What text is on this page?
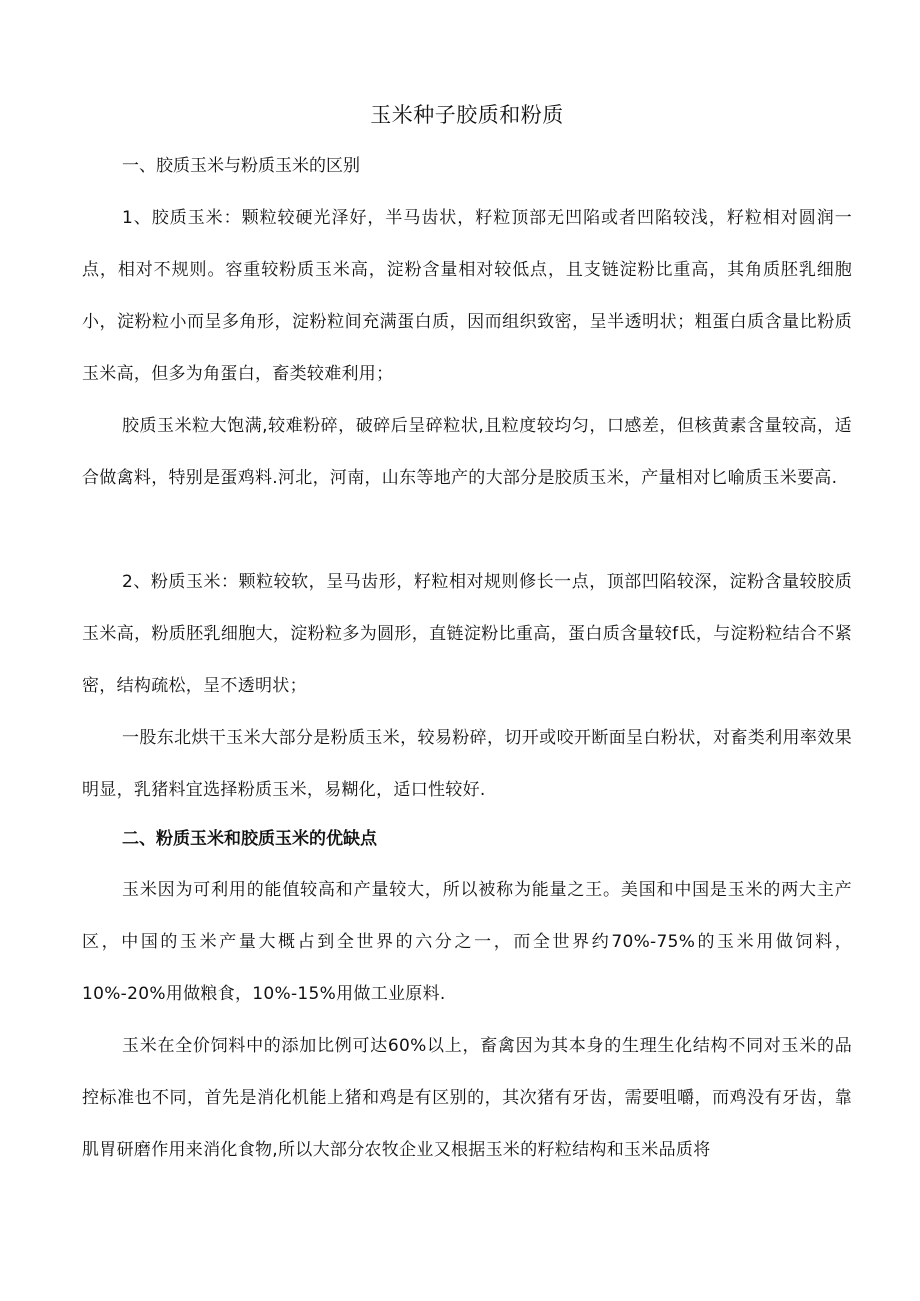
玉米种子胶质和粉质

一、胶质玉米与粉质玉米的区别

1、胶质玉米：颗粒较硬光泽好，半马齿状，籽粒顶部无凹陷或者凹陷较浅，籽粒相对圆润一点，相对不规则。容重较粉质玉米高，淀粉含量相对较低点，且支链淀粉比重高，其角质胚乳细胞小，淀粉粒小而呈多角形，淀粉粒间充满蛋白质，因而组织致密，呈半透明状；粗蛋白质含量比粉质玉米高，但多为角蛋白，畜类较难利用；

胶质玉米粒大饱满,较难粉碎，破碎后呈碎粒状,且粒度较均匀，口感差，但核黄素含量较高，适合做禽料，特别是蛋鸡料.河北，河南，山东等地产的大部分是胶质玉米，产量相对匕喻质玉米要高.

2、粉质玉米：颗粒较软，呈马齿形，籽粒相对规则修长一点，顶部凹陷较深，淀粉含量较胶质玉米高，粉质胚乳细胞大，淀粉粒多为圆形，直链淀粉比重高，蛋白质含量较f氐，与淀粉粒结合不紧密，结构疏松，呈不透明状；

一股东北烘干玉米大部分是粉质玉米，较易粉碎，切开或咬开断面呈白粉状，对畜类利用率效果明显，乳猪料宜选择粉质玉米，易糊化，适口性较好.

二、粉质玉米和胶质玉米的优缺点

玉米因为可利用的能值较高和产量较大，所以被称为能量之王。美国和中国是玉米的两大主产区，中国的玉米产量大概占到全世界的六分之一，而全世界约70%-75%的玉米用做饲料，10%-20%用做粮食，10%-15%用做工业原料.

玉米在全价饲料中的添加比例可达60%以上，畜禽因为其本身的生理生化结构不同对玉米的品控标准也不同，首先是消化机能上猪和鸡是有区别的，其次猪有牙齿，需要咀嚼，而鸡没有牙齿，靠肌胃研磨作用来消化食物,所以大部分农牧企业又根据玉米的籽粒结构和玉米品质将
